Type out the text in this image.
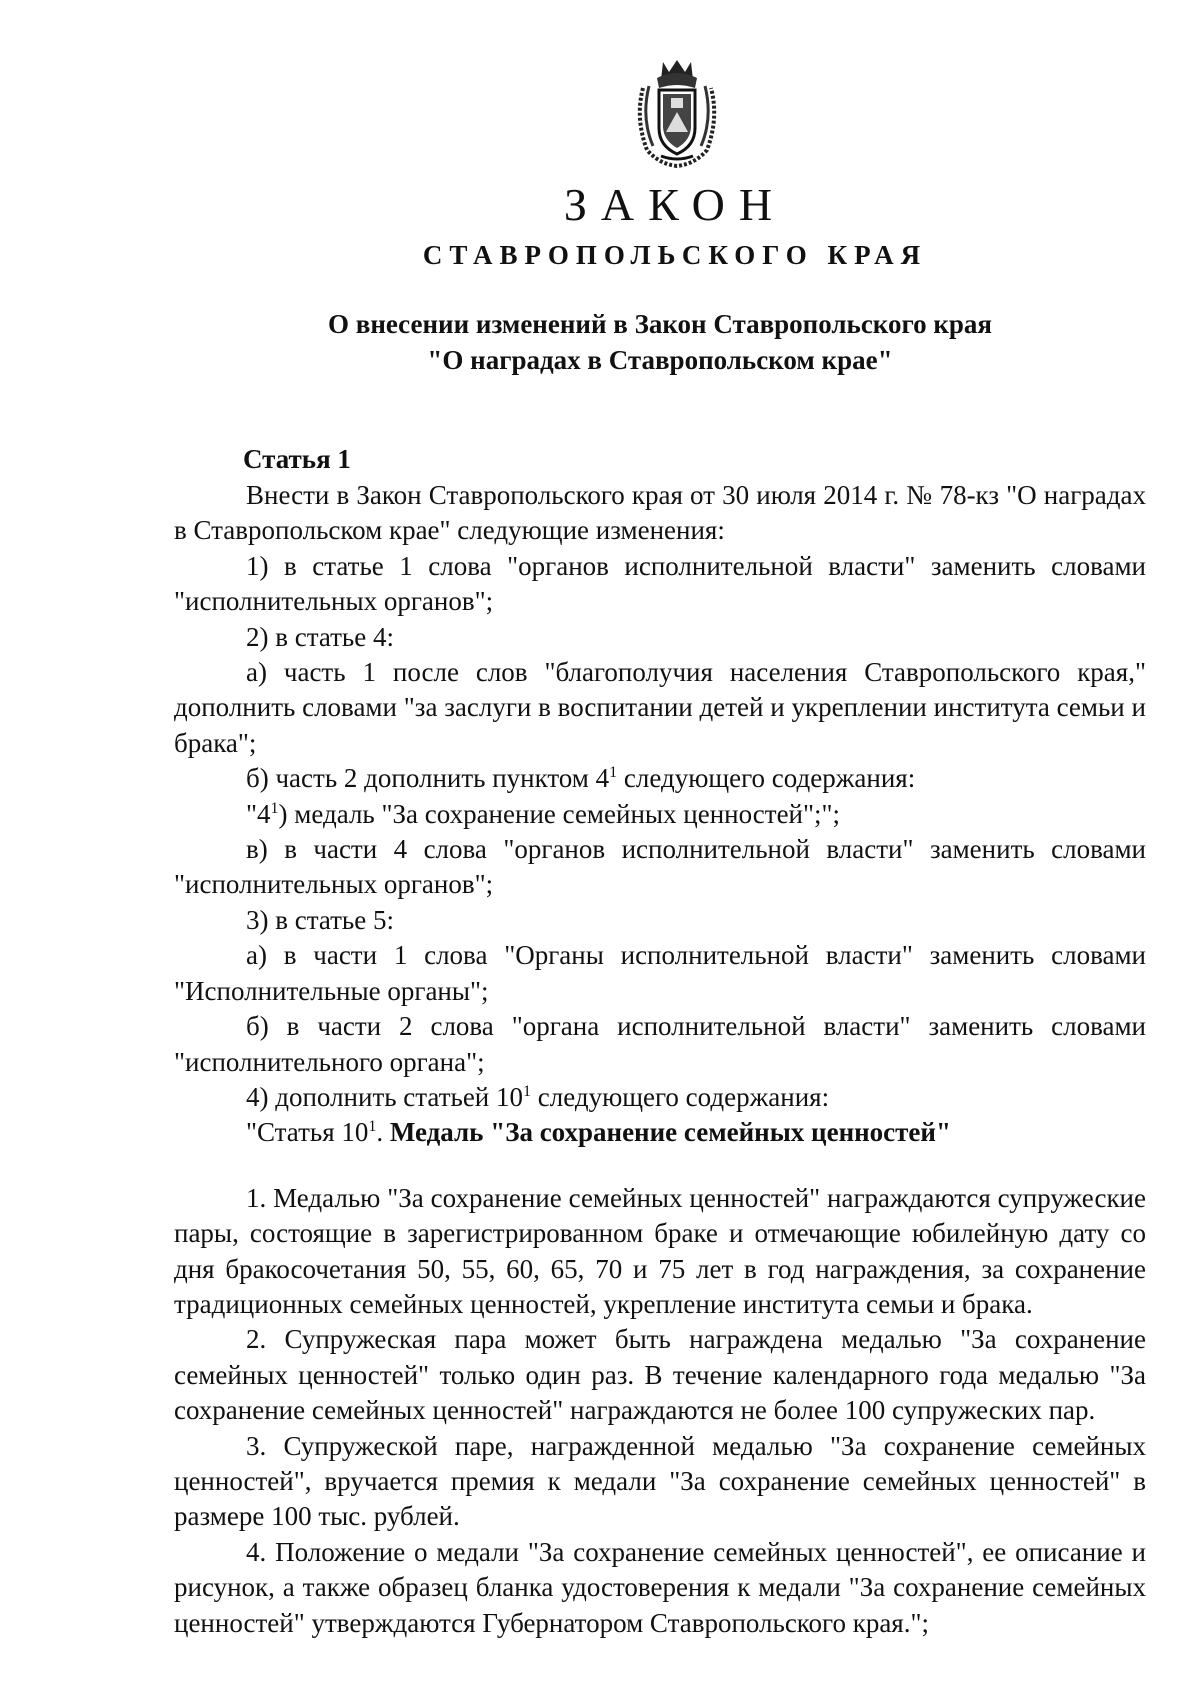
ЗАКОН
СТАВРОПОЛЬСКОГО КРАЯ
О внесении изменений в Закон Ставропольского края
"О наградах в Ставропольском крае"
Статья 1

Внести в Закон Ставропольского края от 30 июля 2014 г. № 78-кз "О наградах в Ставропольском крае" следующие изменения:

1) в статье 1 слова "органов исполнительной власти" заменить словами "исполнительных органов";

2) в статье 4:

а) часть 1 после слов "благополучия населения Ставропольского края," дополнить словами "за заслуги в воспитании детей и укреплении института семьи и брака";

б) часть 2 дополнить пунктом $4^1$ следующего содержания:

"$4^1$) медаль "За сохранение семейных ценностей";";

в) в части 4 слова "органов исполнительной власти" заменить словами "исполнительных органов";

3) в статье 5:

а) в части 1 слова "Органы исполнительной власти" заменить словами "Исполнительные органы";

б) в части 2 слова "органа исполнительной власти" заменить словами "исполнительного органа";

4) дополнить статьей $10^1$ следующего содержания:

"Статья $10^1$. Медаль "За сохранение семейных ценностей"

1. Медалью "За сохранение семейных ценностей" награждаются супружеские пары, состоящие в зарегистрированном браке и отмечающие юбилейную дату со дня бракосочетания 50, 55, 60, 65, 70 и 75 лет в год награждения, за сохранение традиционных семейных ценностей, укрепление института семьи и брака.

2. Супружеская пара может быть награждена медалью "За сохранение семейных ценностей" только один раз. В течение календарного года медалью "За сохранение семейных ценностей" награждаются не более 100 супружеских пар.

3. Супружеской паре, награжденной медалью "За сохранение семейных ценностей", вручается премия к медали "За сохранение семейных ценностей" в размере 100 тыс. рублей.

4. Положение о медали "За сохранение семейных ценностей", ее описание и рисунок, а также образец бланка удостоверения к медали "За сохранение семейных ценностей" утверждаются Губернатором Ставропольского края.";
